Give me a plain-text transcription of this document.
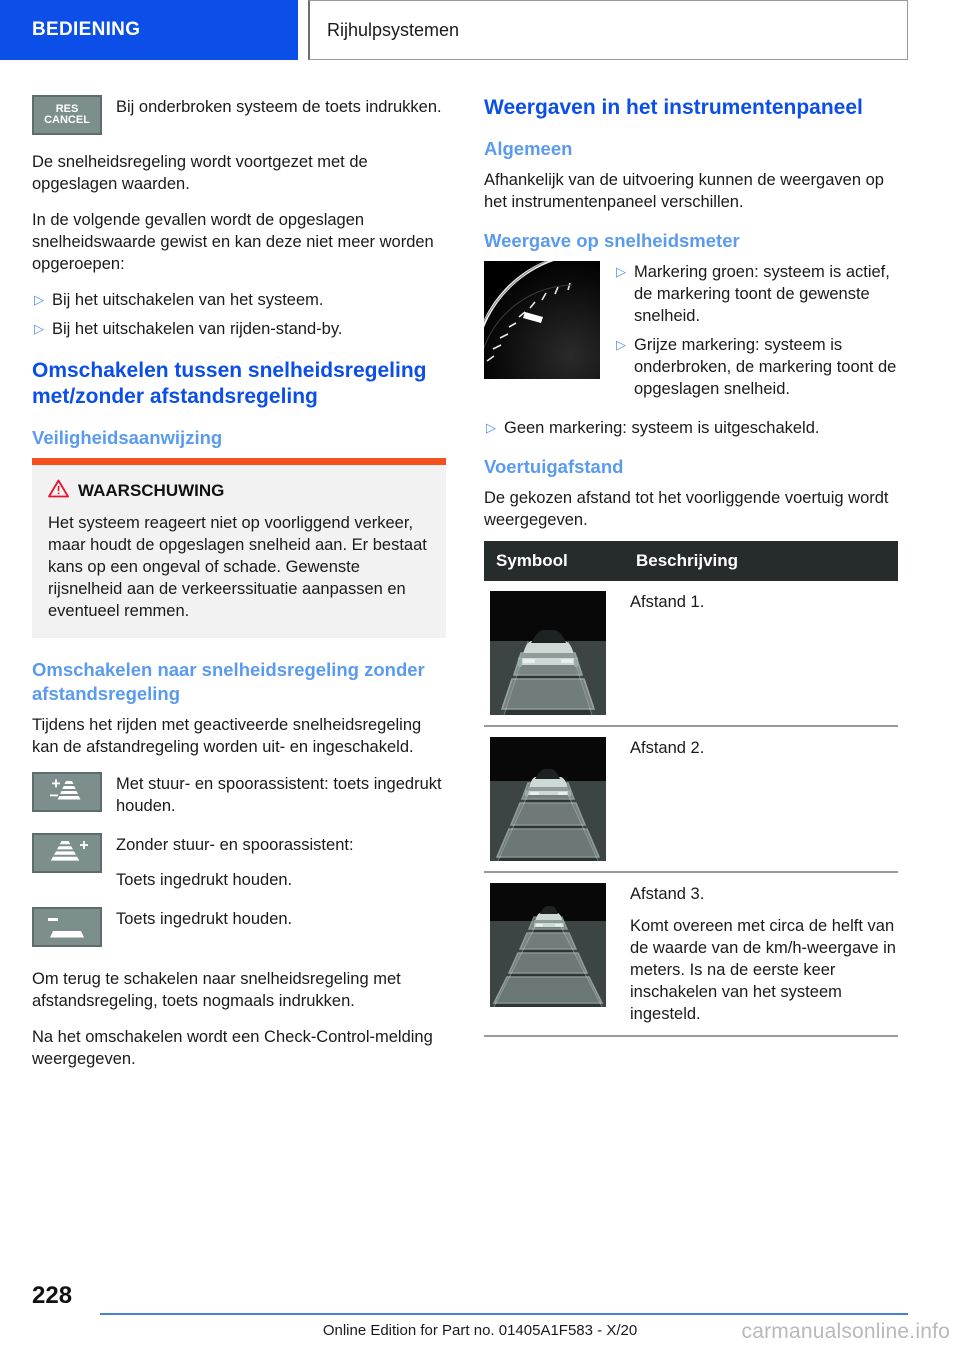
BEDIENING	Rijhulpsystemen
RES
CANCEL
Bij onderbroken systeem de toets indrukken.

De snelheidsregeling wordt voortgezet met de opgeslagen waarden.

In de volgende gevallen wordt de opgeslagen snelheidswaarde gewist en kan deze niet meer worden opgeroepen:

▷ Bij het uitschakelen van het systeem.
▷ Bij het uitschakelen van rijden-stand-by.
Omschakelen tussen snelheidsregeling met/zonder afstandsregeling
Veiligheidsaanwijzing
WAARSCHUWING
Het systeem reageert niet op voorliggend verkeer, maar houdt de opgeslagen snelheid aan. Er bestaat kans op een ongeval of schade. Gewenste rijsnelheid aan de verkeerssituatie aanpassen en eventueel remmen.
Omschakelen naar snelheidsregeling zonder afstandsregeling

Tijdens het rijden met geactiveerde snelheidsregeling kan de afstandregeling worden uit- en ingeschakeld.

Met stuur- en spoorassistent: toets ingedrukt houden.
Zonder stuur- en spoorassistent:
Toets ingedrukt houden.
Toets ingedrukt houden.

Om terug te schakelen naar snelheidsregeling met afstandsregeling, toets nogmaals indrukken.

Na het omschakelen wordt een Check-Control-melding weergegeven.

Weergaven in het instrumentenpaneel
Algemeen

Afhankelijk van de uitvoering kunnen de weergaven op het instrumentenpaneel verschillen.

Weergave op snelheidsmeter
▷ Markering groen: systeem is actief, de markering toont de gewenste snelheid.
▷ Grijze markering: systeem is onderbroken, de markering toont de opgeslagen snelheid.
▷ Geen markering: systeem is uitgeschakeld.
Voertuigafstand

De gekozen afstand tot het voorliggende voertuig wordt weergegeven.

Symbool	Beschrijving

Afstand 1.

Afstand 2.

Afstand 3.

Komt overeen met circa de helft van de waarde van de km/h-weergave in meters. Is na de eerste keer inschakelen van het systeem ingesteld.

228
Online Edition for Part no. 01405A1F583 - X/20	carmanualsonline.info
